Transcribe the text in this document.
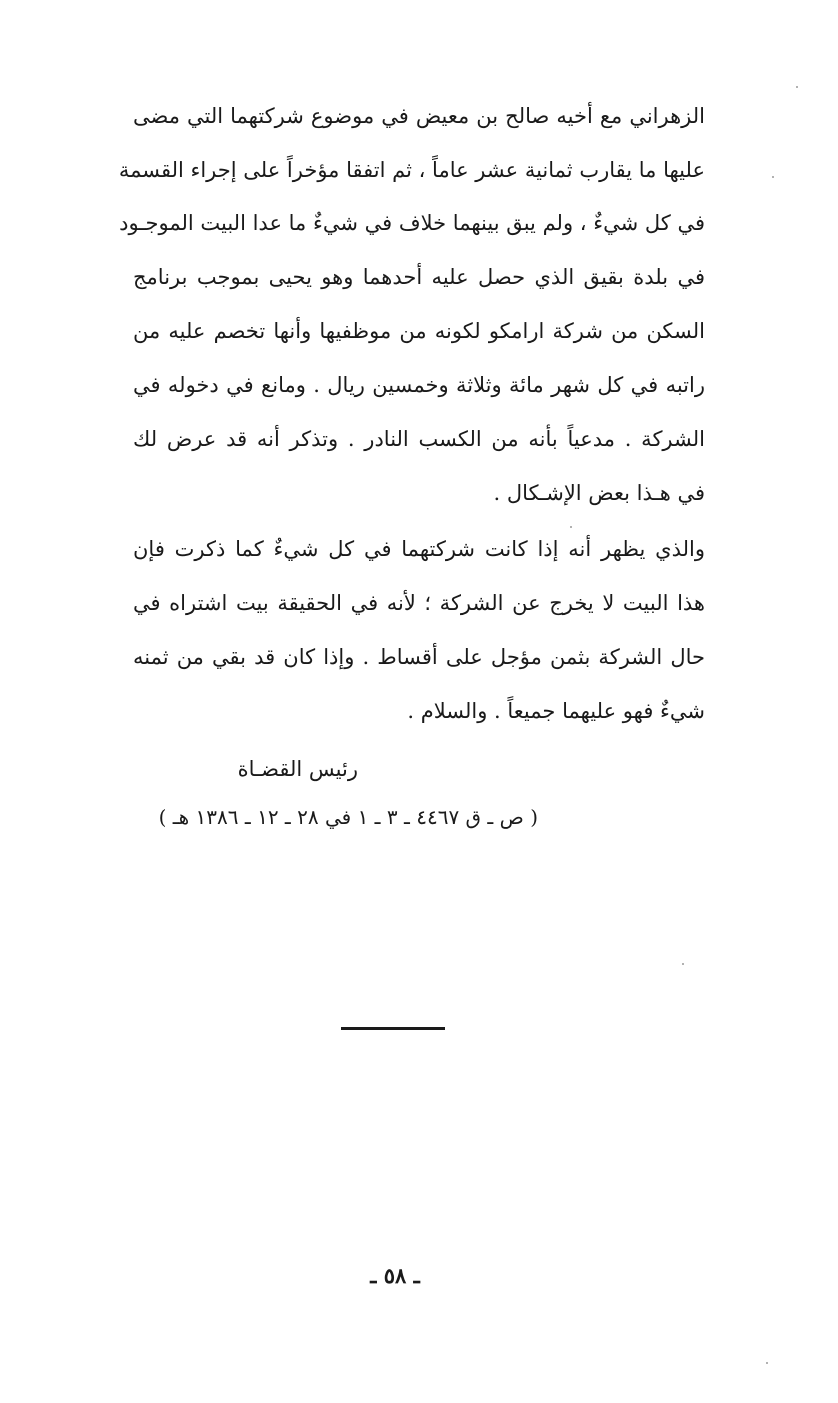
الزهراني مع أخيه صالح بن معيض في موضوع شركتهما التي مضى
عليها ما يقارب ثمانية عشر عاماً ، ثم اتفقا مؤخراً على إجراء القسمة
في كل شيءٌ ، ولم يبق بينهما خلاف في شيءٌ ما عدا البيت الموجـود
في بلدة بقيق الذي حصل عليه أحدهما وهو يحيى بموجب برنامج
السكن من شركة ارامكو لكونه من موظفيها وأنها تخصم عليه من
راتبه في كل شهر مائة وثلاثة وخمسين ريال . ومانع في دخوله في
الشركة . مدعياً بأنه من الكسب النادر . وتذكر أنه قد عرض لك
في هـذا بعض الإشـكال .
والذي يظهر أنه إذا كانت شركتهما في كل شيءٌ كما ذكرت فإن
هذا البيت لا يخرج عن الشركة ؛ لأنه في الحقيقة بيت اشتراه في
حال الشركة بثمن مؤجل على أقساط . وإذا كان قد بقي من ثمنه
شيءٌ فهو عليهما جميعاً . والسلام .
رئيس القضـاة
( ص ـ ق ٤٤٦٧ ـ ٣ ـ ١ في ٢٨ ـ ١٢ ـ ١٣٨٦ هـ )
ـ ٥٨ ـ
